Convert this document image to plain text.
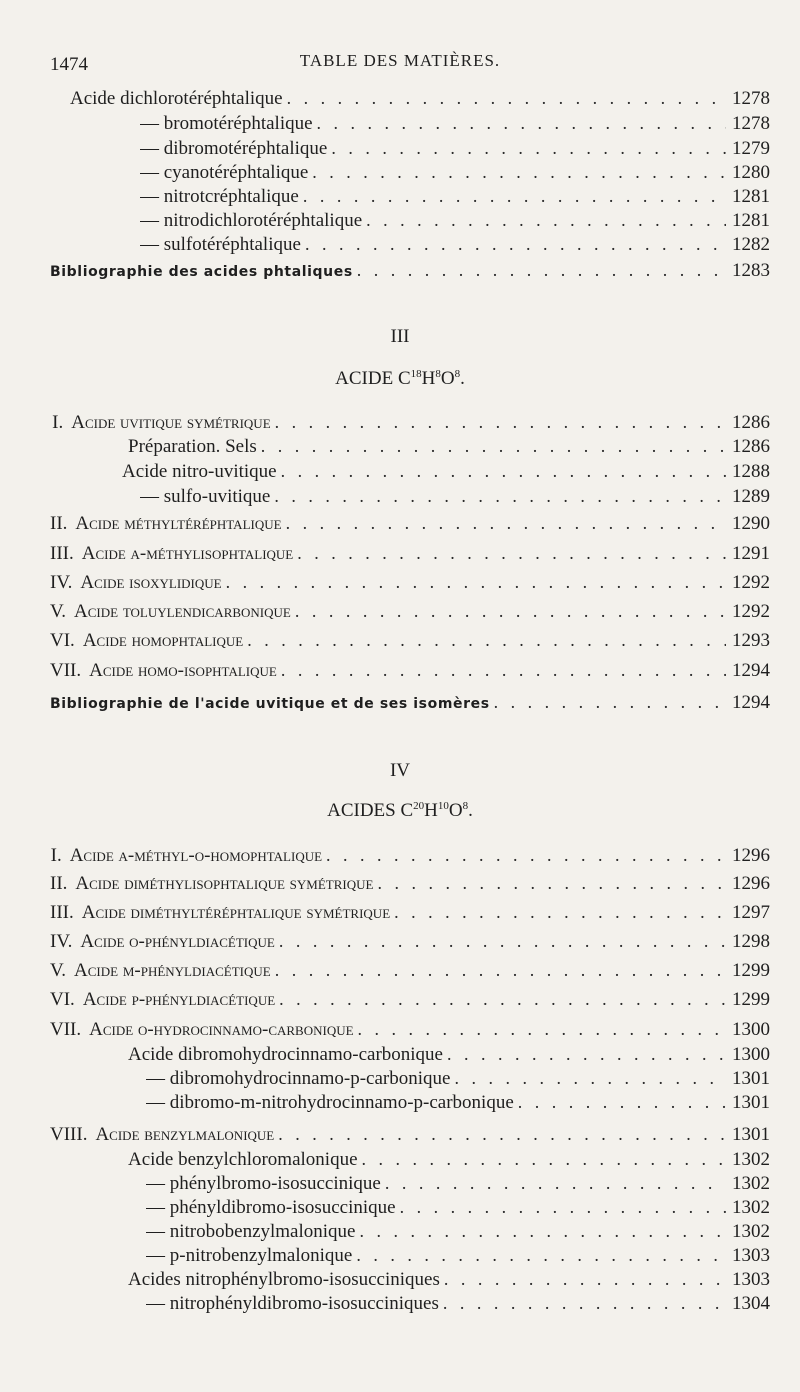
1474	TABLE DES MATIÈRES.
Acide dichlorotéréphtalique . . .	1278
— bromotéréphtalique . . .	1278
— dibromotéréphtalique . . .	1279
— cyanotéréphtalique . . .	1280
— nitrotcréphtalique . . .	1281
— nitrodichlorotéréphtalique . . .	1281
— sulfotéréphtalique . . .	1282
Bibliographie des acides phtaliques . . .	1283
III
ACIDE $C^{18}H^8O^8$.
I. Acide uvitique symétrique . . .	1286
Préparation. Sels . . .	1286
Acide nitro-uvitique . . .	1288
— sulfo-uvitique . . .	1289
II. Acide méthyltéréphtalique . . .	1290
III. Acide α-méthylisophtalique . . .	1291
IV. Acide isoxylidique . . .	1292
V. Acide toluylendicarbonique . . .	1292
VI. Acide homophtalique . . .	1293
VII. Acide homo-isophtalique . . .	1294
Bibliographie de l'acide uvitique et de ses isomères . . .	1294
IV
ACIDES $C^{20}H^{10}O^8$.
I. Acide α-méthyl-o-homophtalique . . .	1296
II. Acide diméthylisophtalique symétrique . . .	1296
III. Acide diméthyltéréphtalique symétrique . . .	1297
IV. Acide o-phényldiacétique . . .	1298
V. Acide m-phényldiacétique . . .	1299
VI. Acide p-phényldiacétique . . .	1299
VII. Acide o-hydrocinnamo-carbonique . . .	1300
Acide dibromohydrocinnamo-carbonique . . .	1300
— dibromohydrocinnamo-p-carbonique . . .	1301
— dibromo-m-nitrohydrocinnamo-p-carbonique . . .	1301
VIII. Acide benzylmalonique . . .	1301
Acide benzylchloromalonique . . .	1302
— phénylbromo-isosuccinique . . .	1302
— phényldibromo-isosuccinique . . .	1302
— nitrobobenzylmalonique . . .	1302
— p-nitrobenzylmalonique . . .	1303
Acides nitrophénylbromo-isosucciniques . . .	1303
— nitrophényldibromo-isosucciniques . . .	1304
